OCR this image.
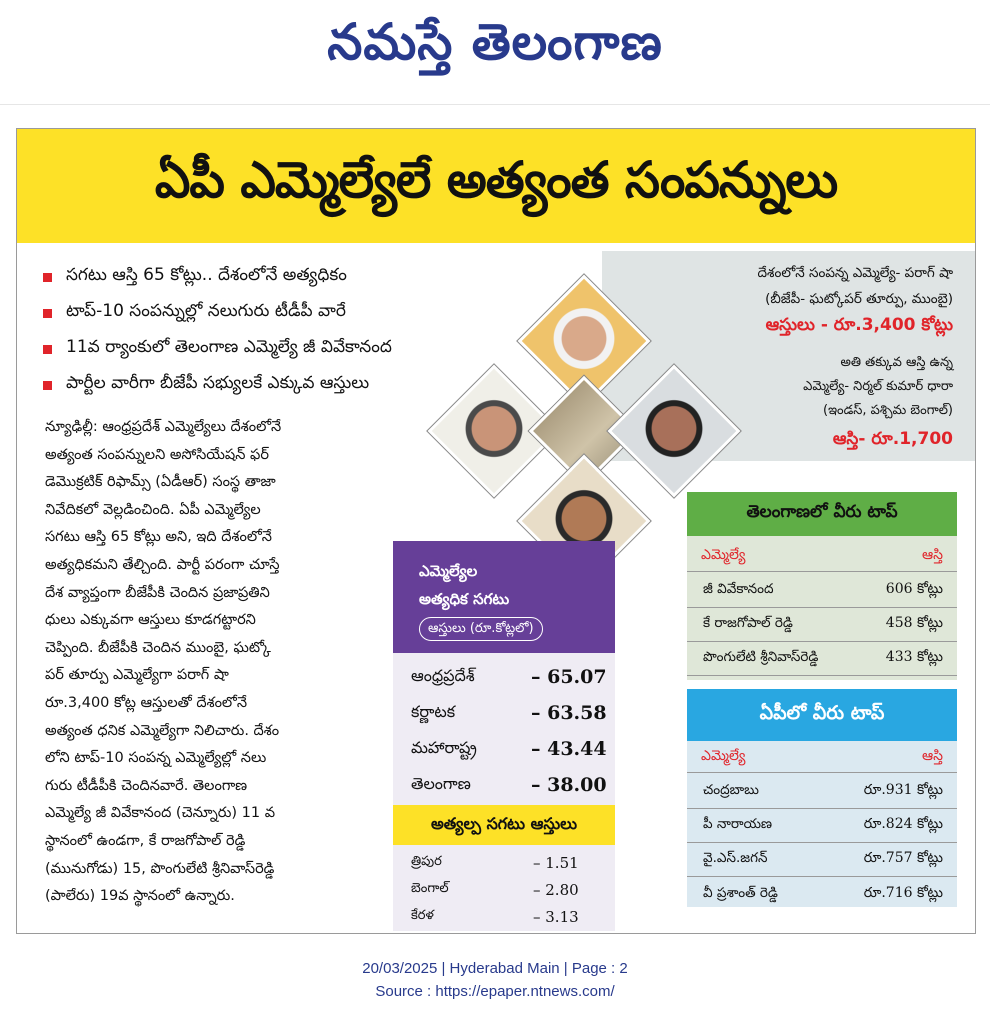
నమస్తే తెలంగాణ
ఏపీ ఎమ్మెల్యేలే అత్యంత సంపన్నులు
సగటు ఆస్తి 65 కోట్లు.. దేశంలోనే అత్యధికం
టాప్‌-10 సంపన్నుల్లో నలుగురు టీడీపీ వారే
11వ ర్యాంకులో తెలంగాణ ఎమ్మెల్యే జీ వివేకానంద
పార్టీల వారీగా బీజేపీ సభ్యులకే ఎక్కువ ఆస్తులు
న్యూఢిల్లీ: ఆంధ్రప్రదేశ్‌ ఎమ్మెల్యేలు దేశంలోనే
అత్యంత సంపన్నులని అసోసియేషన్‌ ఫర్‌
డెమొక్రటిక్‌ రిఫామ్స్‌ (ఏడీఆర్‌) సంస్థ తాజా
నివేదికలో వెల్లడించింది. ఏపీ ఎమ్మెల్యేల
సగటు ఆస్తి 65 కోట్లు అని, ఇది దేశంలోనే
అత్యధికమని తేల్చింది. పార్టీ పరంగా చూస్తే
దేశ వ్యాప్తంగా బీజేపీకి చెందిన ప్రజాప్రతిని
ధులు ఎక్కువగా ఆస్తులు కూడగట్టారని
చెప్పింది. బీజేపీకి చెందిన ముంబై, ఘట్కో
పర్‌ తూర్పు ఎమ్మెల్యేగా పరాగ్‌ షా
రూ.3,400 కోట్ల ఆస్తులతో దేశంలోనే
అత్యంత ధనిక ఎమ్మెల్యేగా నిలిచారు. దేశం
లోని టాప్‌-10 సంపన్న ఎమ్మెల్యేల్లో నలు
గురు టీడీపీకి చెందినవారే. తెలంగాణ
ఎమ్మెల్యే జీ వివేకానంద (చెన్నూరు) 11 వ
స్థానంలో ఉండగా, కే రాజగోపాల్‌ రెడ్డి
(మునుగోడు) 15, పొంగులేటి శ్రీనివాస్‌రెడ్డి
(పాలేరు) 19వ స్థానంలో ఉన్నారు.
దేశంలోనే సంపన్న ఎమ్మెల్యే- పరాగ్‌ షా
(బీజేపీ- ఘట్కోపర్‌ తూర్పు, ముంబై)
ఆస్తులు - రూ.3,400 కోట్లు
అతి తక్కువ ఆస్తి ఉన్న
ఎమ్మెల్యే- నిర్మల్‌ కుమార్‌ ధారా
(ఇండస్‌, పశ్చిమ బెంగాల్‌)
ఆస్తి- రూ.1,700
ఎమ్మెల్యేల
అత్యధిక సగటు
ఆస్తులు (రూ.కోట్లలో)
ఆంధ్రప్రదేశ్‌	– 65.07
కర్ణాటక	– 63.58
మహారాష్ట్ర	– 43.44
తెలంగాణ	– 38.00
అత్యల్ప సగటు ఆస్తులు
త్రిపుర	– 1.51
బెంగాల్‌	– 2.80
కేరళ	– 3.13
తెలంగాణలో వీరు టాప్‌
ఎమ్మెల్యే	ఆస్తి
జీ వివేకానంద	606 కోట్లు
కే రాజగోపాల్‌ రెడ్డి	458 కోట్లు
పొంగులేటి శ్రీనివాస్‌రెడ్డి	433 కోట్లు
ఏపీలో వీరు టాప్‌
ఎమ్మెల్యే	ఆస్తి
చంద్రబాబు	రూ.931 కోట్లు
పీ నారాయణ	రూ.824 కోట్లు
వై.ఎస్‌.జగన్‌	రూ.757 కోట్లు
వీ ప్రశాంత్‌ రెడ్డి	రూ.716 కోట్లు
20/03/2025 | Hyderabad Main | Page : 2
Source : https://epaper.ntnews.com/
